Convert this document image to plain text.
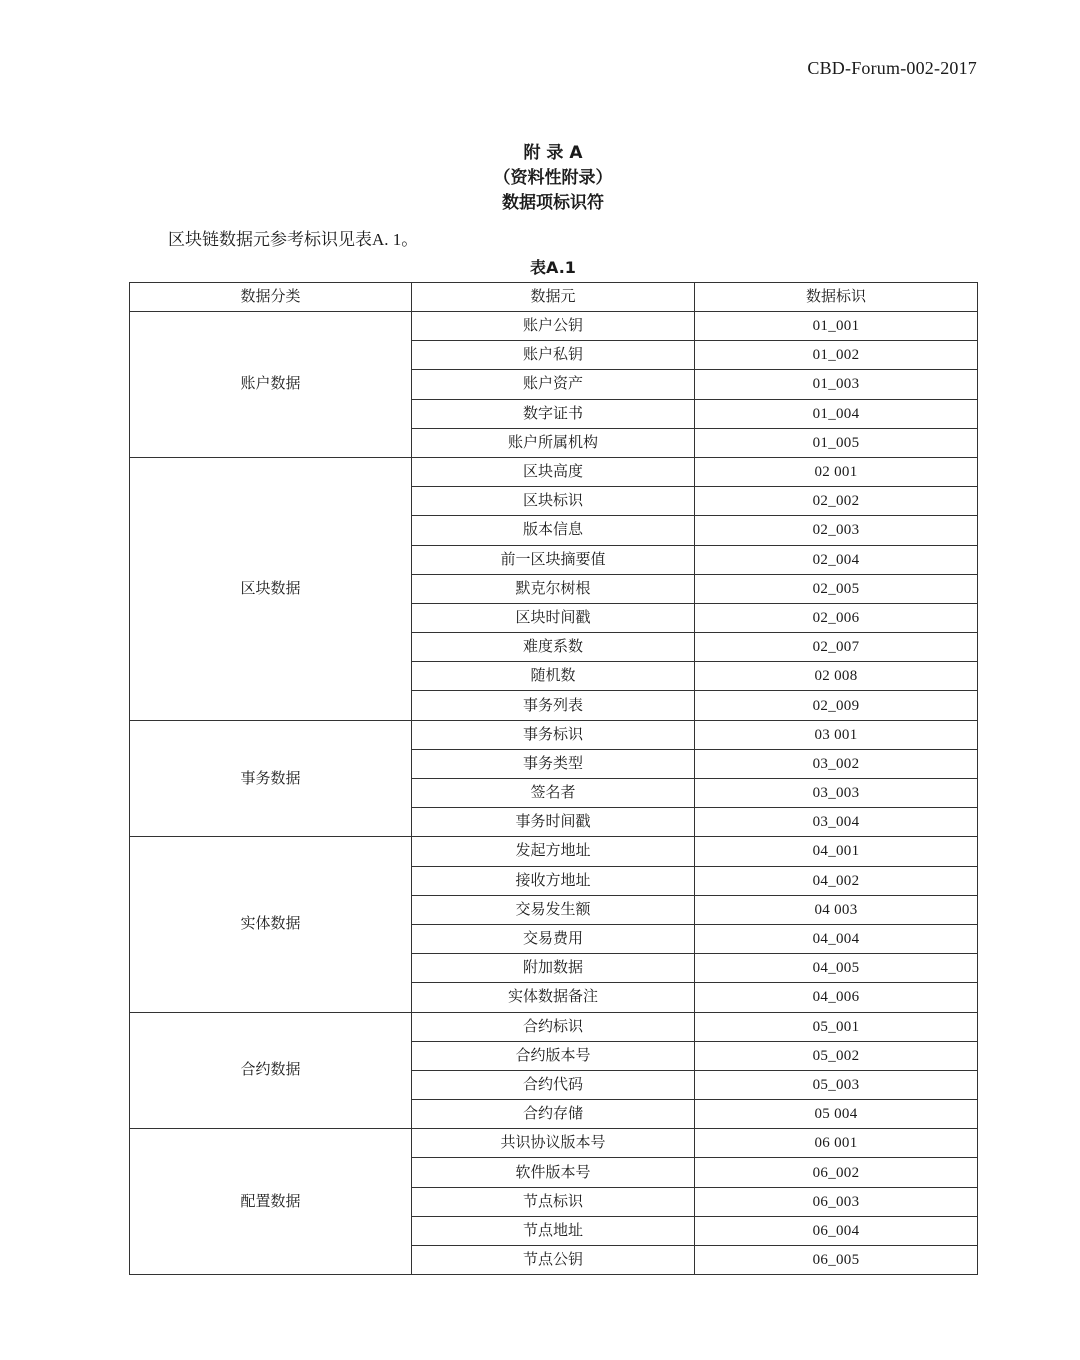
CBD-Forum-002-2017
附 录 A
（资料性附录）
数据项标识符
区块链数据元参考标识见表A. 1。
表A.1
数据分类	数据元	数据标识
账户数据	账户公钥	01_001
	账户私钥	01_002
	账户资产	01_003
	数字证书	01_004
	账户所属机构	01_005
区块数据	区块高度	02 001
	区块标识	02_002
	版本信息	02_003
	前一区块摘要值	02_004
	默克尔树根	02_005
	区块时间戳	02_006
	难度系数	02_007
	随机数	02 008
	事务列表	02_009
事务数据	事务标识	03 001
	事务类型	03_002
	签名者	03_003
	事务时间戳	03_004
实体数据	发起方地址	04_001
	接收方地址	04_002
	交易发生额	04 003
	交易费用	04_004
	附加数据	04_005
	实体数据备注	04_006
合约数据	合约标识	05_001
	合约版本号	05_002
	合约代码	05_003
	合约存储	05 004
配置数据	共识协议版本号	06 001
	软件版本号	06_002
	节点标识	06_003
	节点地址	06_004
	节点公钥	06_005
